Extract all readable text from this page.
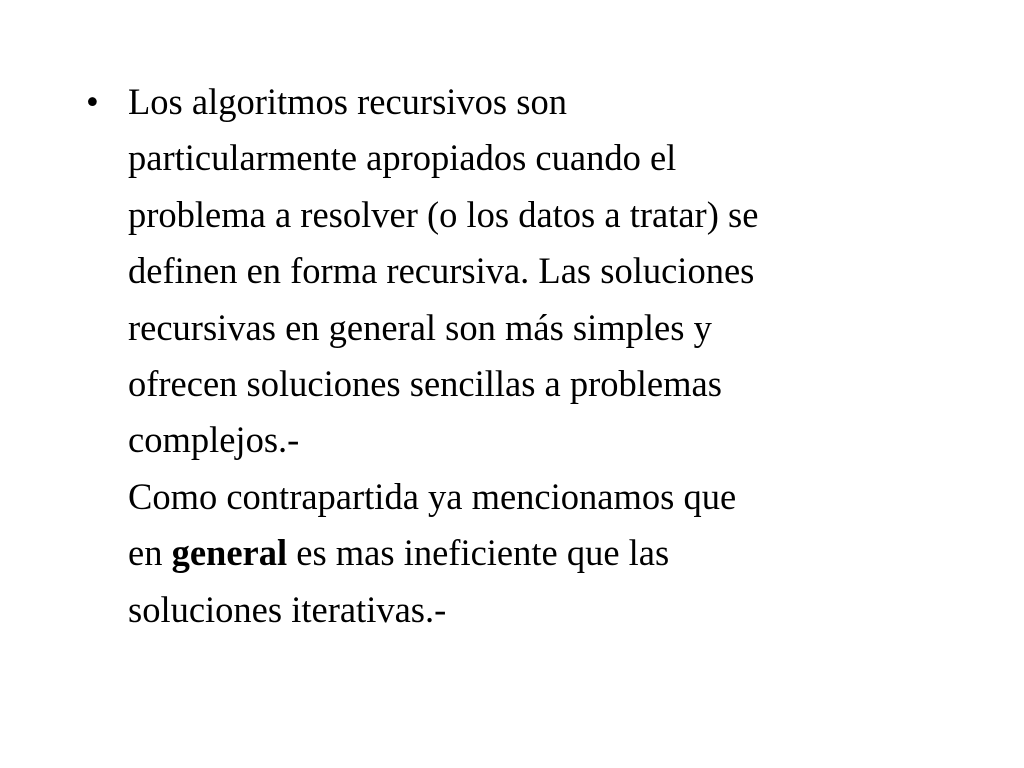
• Los algoritmos recursivos son
particularmente apropiados cuando el
problema a resolver (o los datos a tratar) se
definen en forma recursiva. Las soluciones
recursivas en general son más simples y
ofrecen soluciones sencillas a problemas
complejos.-
Como contrapartida ya mencionamos que
en general es mas ineficiente que las
soluciones iterativas.-
